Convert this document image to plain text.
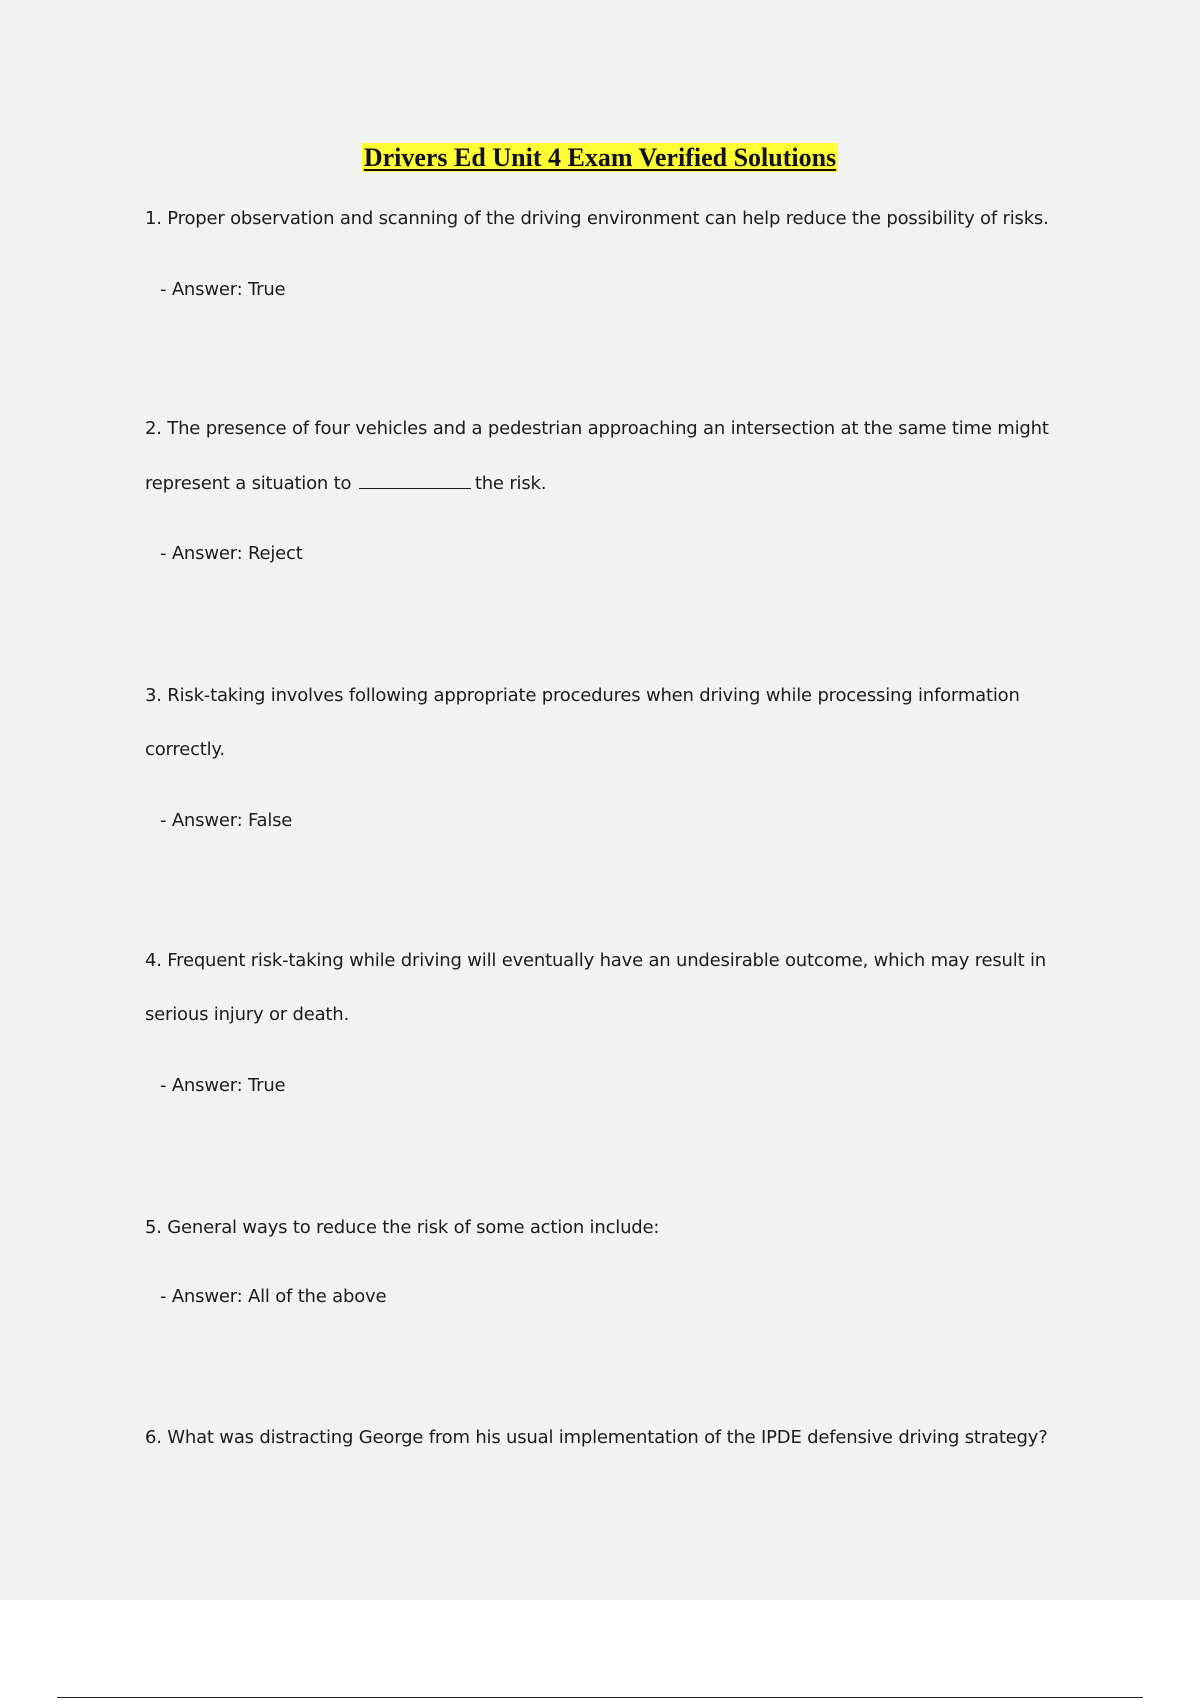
Drivers Ed Unit 4 Exam Verified Solutions

1. Proper observation and scanning of the driving environment can help reduce the possibility of risks.

- Answer: True

2. The presence of four vehicles and a pedestrian approaching an intersection at the same time might

represent a situation to	the risk.

- Answer: Reject

3. Risk-taking involves following appropriate procedures when driving while processing information

correctly.

- Answer: False

4. Frequent risk-taking while driving will eventually have an undesirable outcome, which may result in

serious injury or death.

- Answer: True

5. General ways to reduce the risk of some action include:

- Answer: All of the above

6. What was distracting George from his usual implementation of the IPDE defensive driving strategy?
